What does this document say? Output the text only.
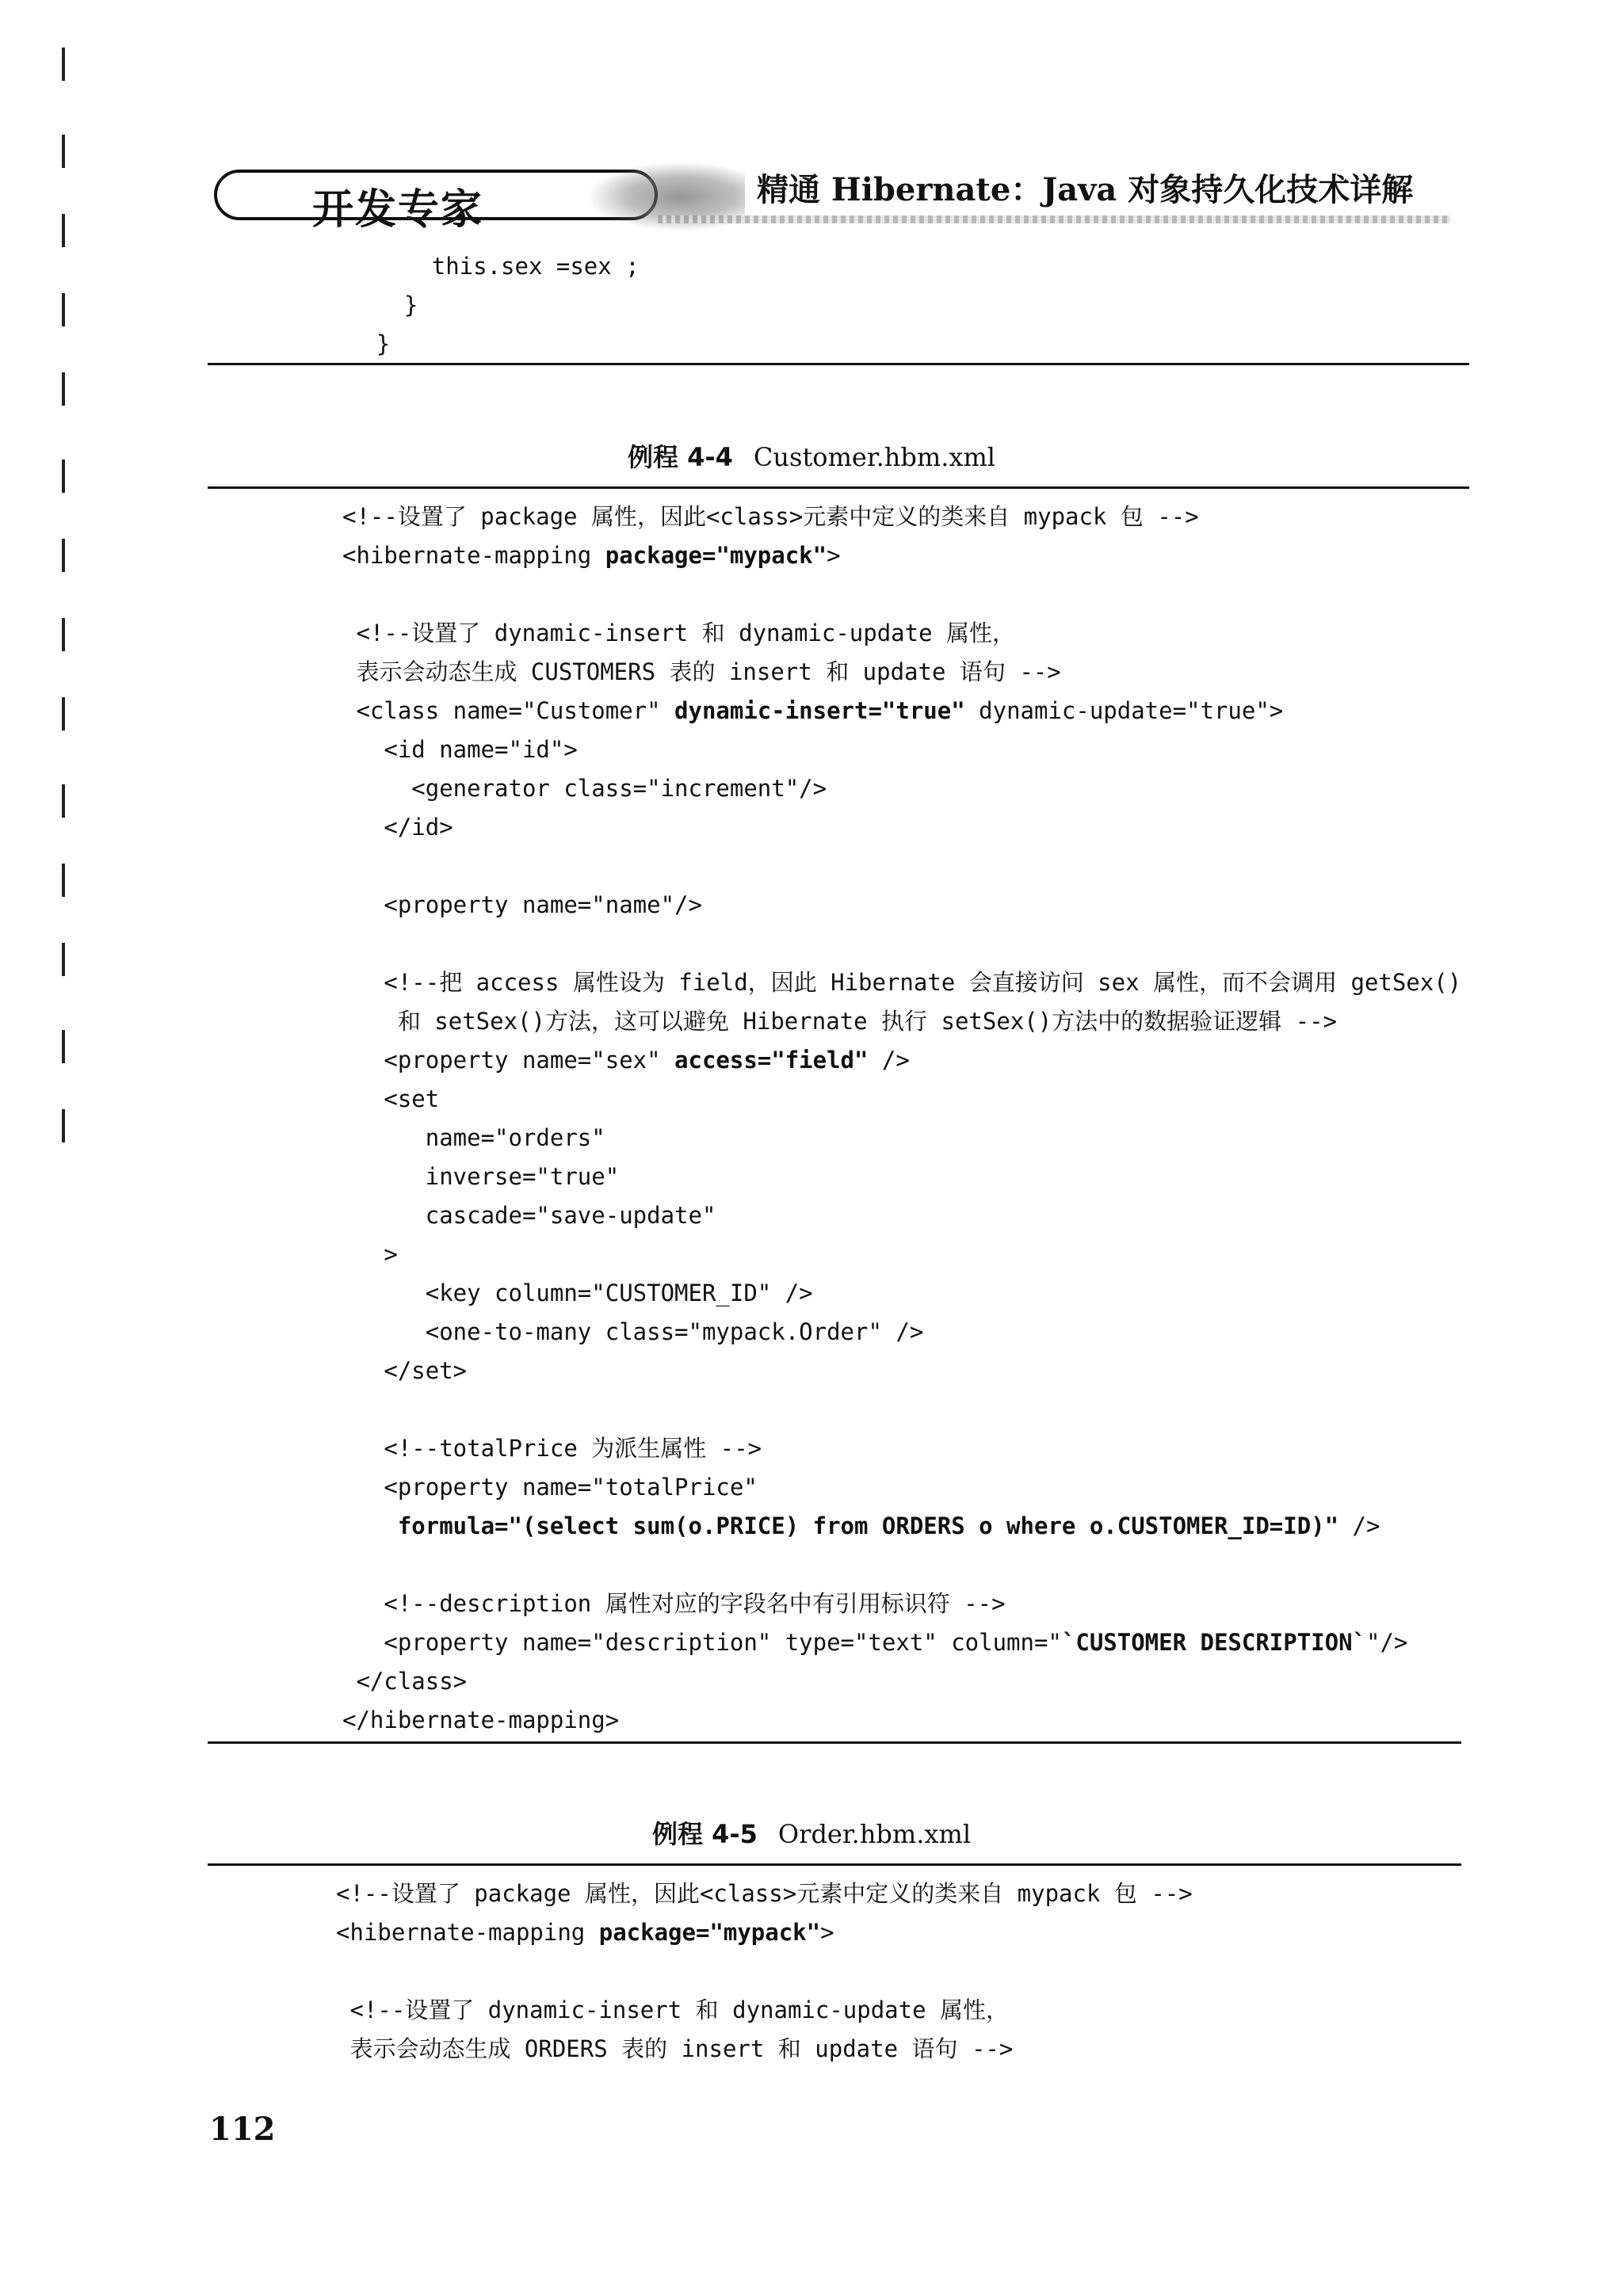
开发专家	精通 Hibernate：Java 对象持久化技术详解
this.sex =sex ;
}
}
例程 4-4 Customer.hbm.xml
<!--设置了 package 属性，因此<class>元素中定义的类来自 mypack 包 -->
<hibernate-mapping package="mypack">
<!--设置了 dynamic-insert 和 dynamic-update 属性，
表示会动态生成 CUSTOMERS 表的 insert 和 update 语句 -->
<class name="Customer" dynamic-insert="true" dynamic-update="true">
<id name="id">
<generator class="increment"/>
</id>
<property name="name"/>
<!--把 access 属性设为 field，因此 Hibernate 会直接访问 sex 属性，而不会调用 getSex()
和 setSex()方法，这可以避免 Hibernate 执行 setSex()方法中的数据验证逻辑 -->
<property name="sex" access="field" />
<set
name="orders"
inverse="true"
cascade="save-update"
>
<key column="CUSTOMER_ID" />
<one-to-many class="mypack.Order" />
</set>
<!--totalPrice 为派生属性 -->
<property name="totalPrice"
formula="(select sum(o.PRICE) from ORDERS o where o.CUSTOMER_ID=ID)" />
<!--description 属性对应的字段名中有引用标识符 -->
<property name="description" type="text" column="`CUSTOMER DESCRIPTION`"/>
</class>
</hibernate-mapping>
例程 4-5 Order.hbm.xml
<!--设置了 package 属性，因此<class>元素中定义的类来自 mypack 包 -->
<hibernate-mapping package="mypack">
<!--设置了 dynamic-insert 和 dynamic-update 属性，
表示会动态生成 ORDERS 表的 insert 和 update 语句 -->
112
